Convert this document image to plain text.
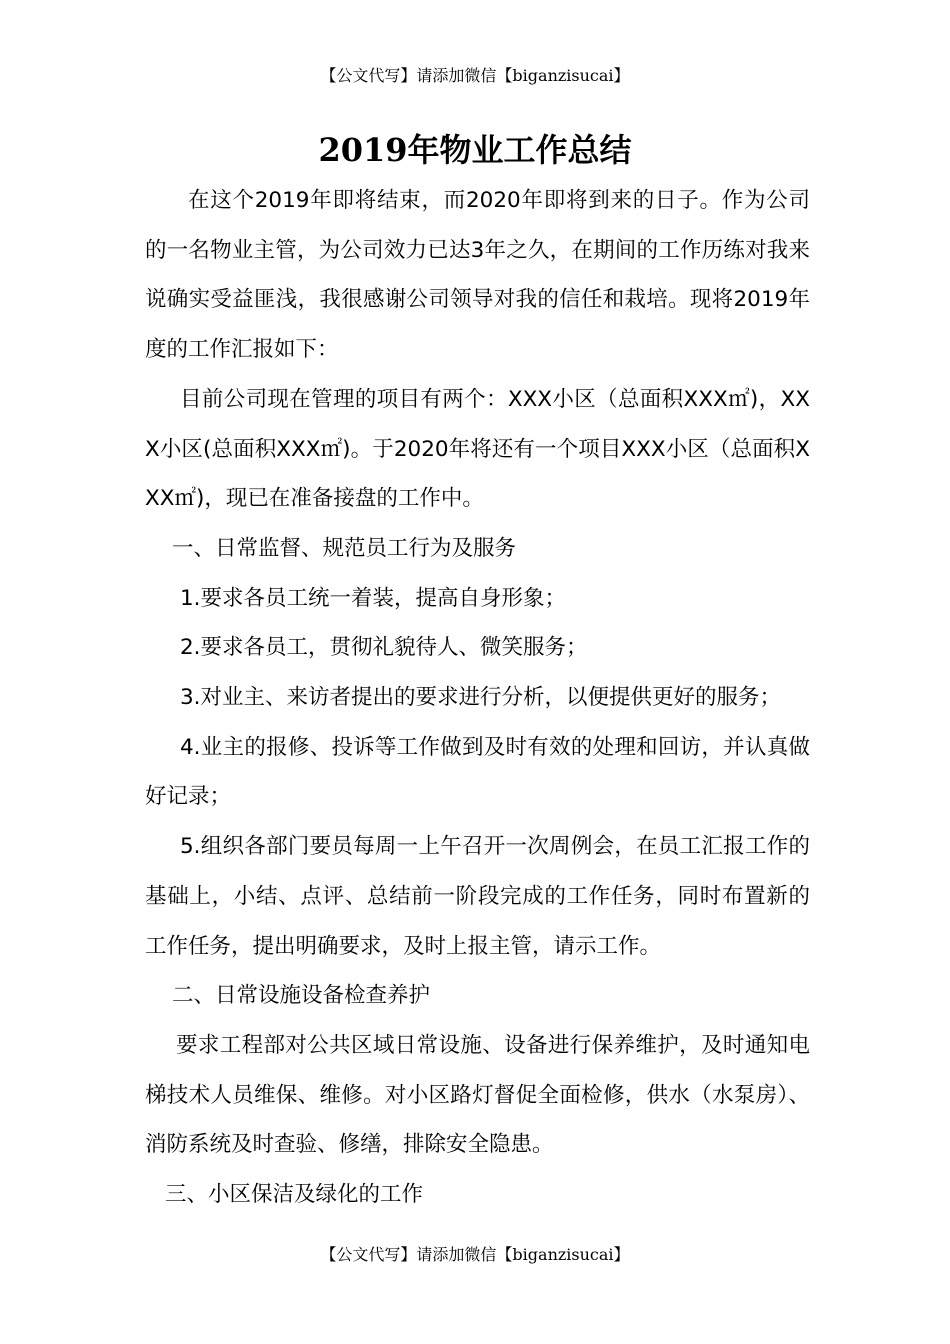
【公文代写】请添加微信【biganzisucai】
2019年物业工作总结

在这个2019年即将结束，而2020年即将到来的日子。作为公司的一名物业主管，为公司效力已达3年之久，在期间的工作历练对我来说确实受益匪浅，我很感谢公司领导对我的信任和栽培。现将2019年度的工作汇报如下：

目前公司现在管理的项目有两个：XXX小区（总面积XXX㎡)，XXX小区(总面积XXX㎡)。于2020年将还有一个项目XXX小区（总面积XXX㎡)，现已在准备接盘的工作中。

一、日常监督、规范员工行为及服务

1.要求各员工统一着装，提高自身形象；

2.要求各员工，贯彻礼貌待人、微笑服务；

3.对业主、来访者提出的要求进行分析，以便提供更好的服务；

4.业主的报修、投诉等工作做到及时有效的处理和回访，并认真做好记录；

5.组织各部门要员每周一上午召开一次周例会，在员工汇报工作的基础上，小结、点评、总结前一阶段完成的工作任务，同时布置新的工作任务，提出明确要求，及时上报主管，请示工作。

二、日常设施设备检查养护

要求工程部对公共区域日常设施、设备进行保养维护，及时通知电梯技术人员维保、维修。对小区路灯督促全面检修，供水（水泵房）、消防系统及时查验、修缮，排除安全隐患。

三、小区保洁及绿化的工作

【公文代写】请添加微信【biganzisucai】
